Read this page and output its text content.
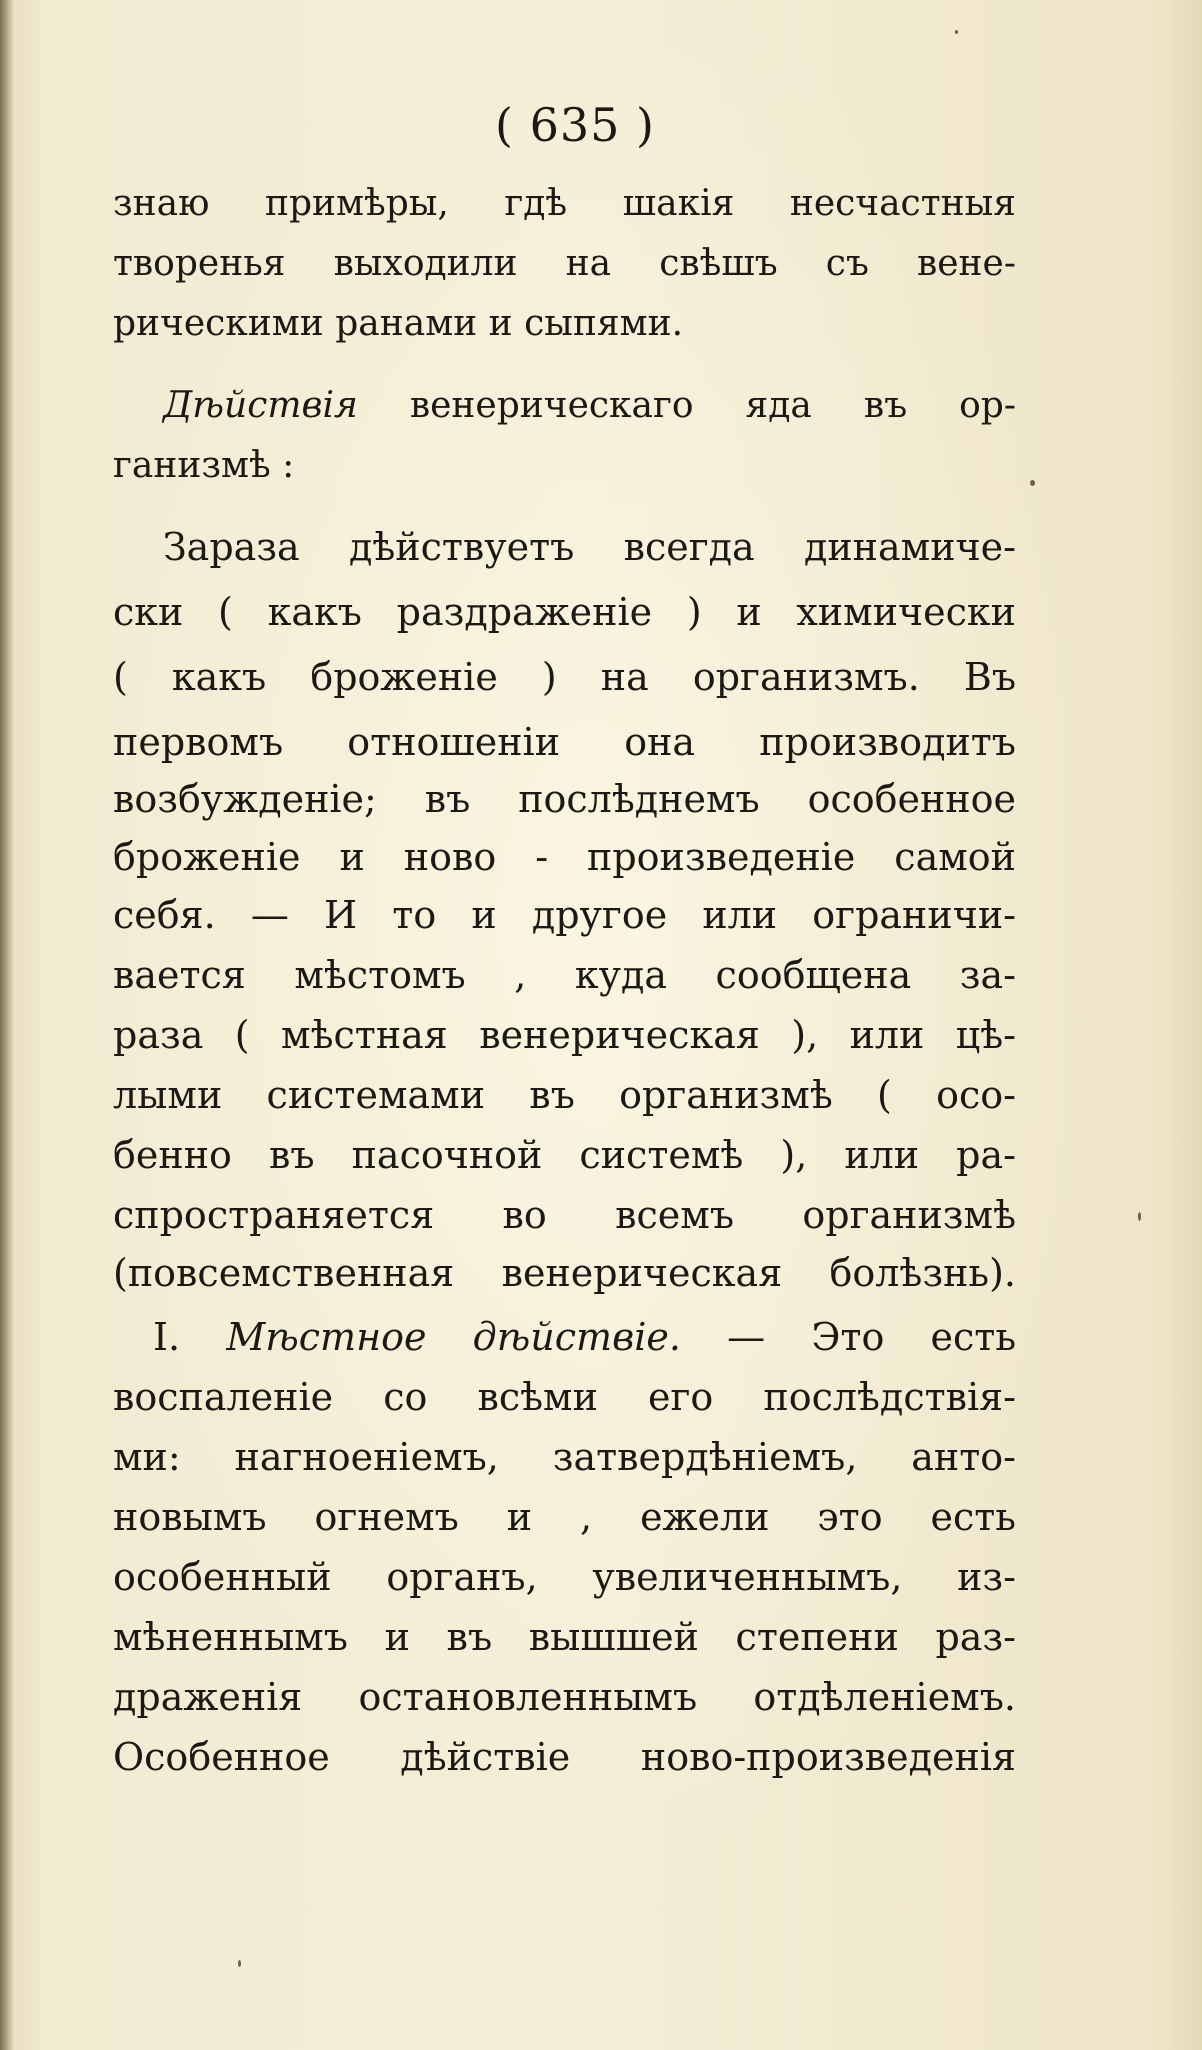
( 635 )
знаю примѣры, гдѣ шакія несчастныя
творенья выходили на свѣшъ съ вене-
рическими ранами и сыпями.
Дѣйствія венерическаго яда въ ор-
ганизмѣ :
Зараза дѣйствуетъ всегда динамиче-
ски ( какъ раздраженіе ) и химически
( какъ броженіе ) на организмъ. Въ
первомъ отношеніи она производитъ
возбужденіе; въ послѣднемъ особенное
броженіе и ново - произведеніе самой
себя. — И то и другое или ограничи-
вается мѣстомъ , куда сообщена за-
раза ( мѣстная венерическая ), или цѣ-
лыми системами въ организмѣ ( осо-
бенно въ пасочной системѣ ), или ра-
спространяется во всемъ организмѣ
(повсемственная венерическая болѣзнь).
I. Мѣстное дѣйствіе. — Это есть
воспаленіе со всѣми его послѣдствія-
ми: нагноеніемъ, затвердѣніемъ, анто-
новымъ огнемъ и , ежели это есть
особенный органъ, увеличеннымъ, из-
мѣненнымъ и въ вышшей степени раз-
драженія остановленнымъ отдѣленіемъ.
Особенное дѣйствіе ново-произведенія
